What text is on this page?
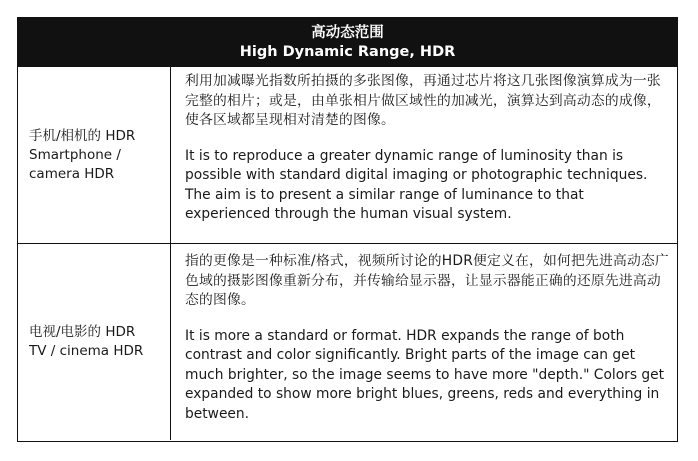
高动态范围
High Dynamic Range, HDR
手机/相机的 HDR
Smartphone /
camera HDR

利用加减曝光指数所拍摄的多张图像，再通过芯片将这几张图像演算成为一张完整的相片；或是，由单张相片做区域性的加减光，演算达到高动态的成像，使各区域都呈现相对清楚的图像。

It is to reproduce a greater dynamic range of luminosity than is possible with standard digital imaging or photographic techniques. The aim is to present a similar range of luminance to that experienced through the human visual system.

电视/电影的 HDR
TV / cinema HDR

指的更像是一种标准/格式，视频所讨论的HDR便定义在，如何把先进高动态广色域的摄影图像重新分布，并传输给显示器，让显示器能正确的还原先进高动态的图像。

It is more a standard or format. HDR expands the range of both contrast and color significantly. Bright parts of the image can get much brighter, so the image seems to have more "depth." Colors get expanded to show more bright blues, greens, reds and everything in between.
